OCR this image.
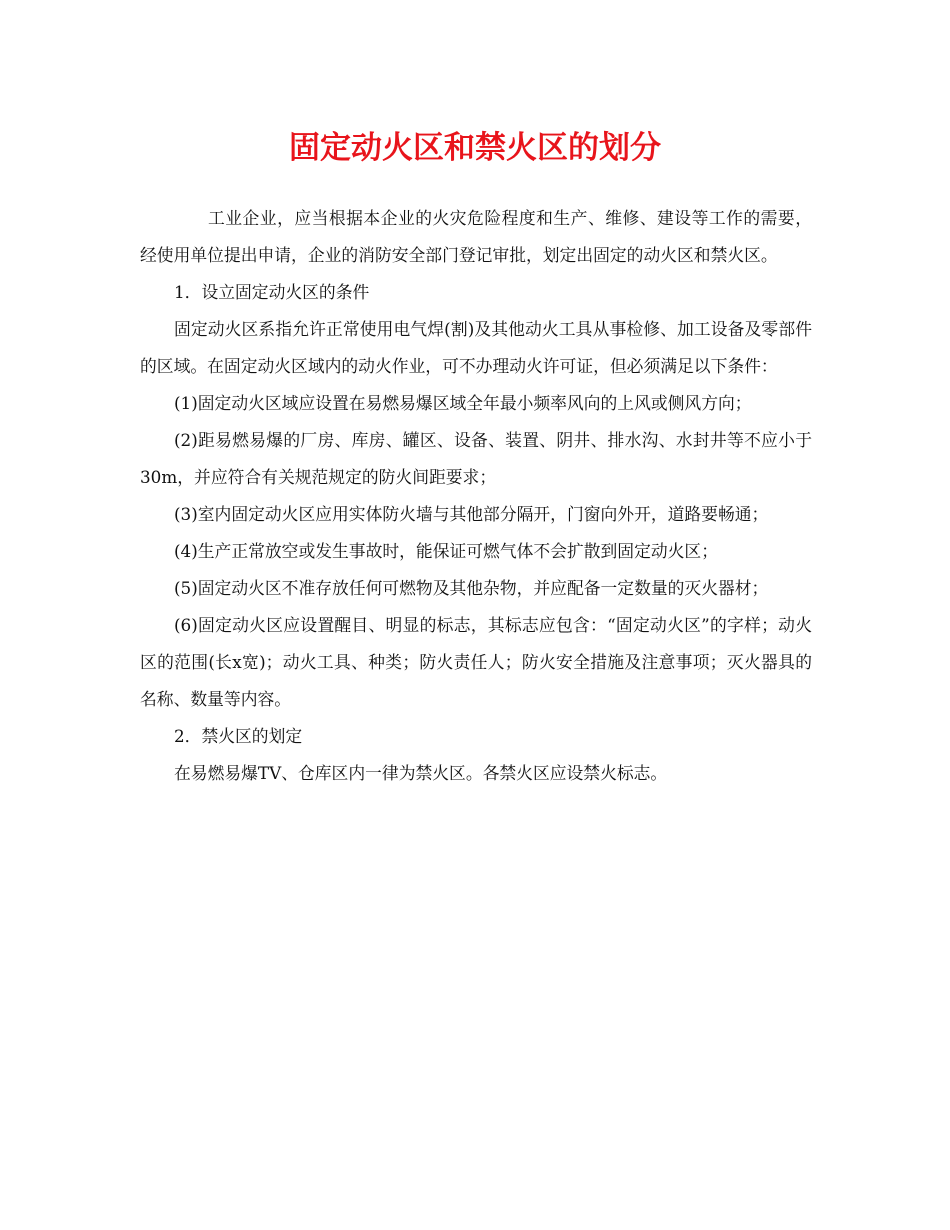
固定动火区和禁火区的划分

工业企业，应当根据本企业的火灾危险程度和生产、维修、建设等工作的需要，经使用单位提出申请，企业的消防安全部门登记审批，划定出固定的动火区和禁火区。

1．设立固定动火区的条件

固定动火区系指允许正常使用电气焊(割)及其他动火工具从事检修、加工设备及零部件的区域。在固定动火区域内的动火作业，可不办理动火许可证，但必须满足以下条件：

(1)固定动火区域应设置在易燃易爆区域全年最小频率风向的上风或侧风方向；

(2)距易燃易爆的厂房、库房、罐区、设备、装置、阴井、排水沟、水封井等不应小于30m，并应符合有关规范规定的防火间距要求；

(3)室内固定动火区应用实体防火墙与其他部分隔开，门窗向外开，道路要畅通；

(4)生产正常放空或发生事故时，能保证可燃气体不会扩散到固定动火区；

(5)固定动火区不准存放任何可燃物及其他杂物，并应配备一定数量的灭火器材；

(6)固定动火区应设置醒目、明显的标志，其标志应包含：“固定动火区”的字样；动火区的范围(长x宽)；动火工具、种类；防火责任人；防火安全措施及注意事项；灭火器具的名称、数量等内容。

2．禁火区的划定

在易燃易爆TV、仓库区内一律为禁火区。各禁火区应设禁火标志。
